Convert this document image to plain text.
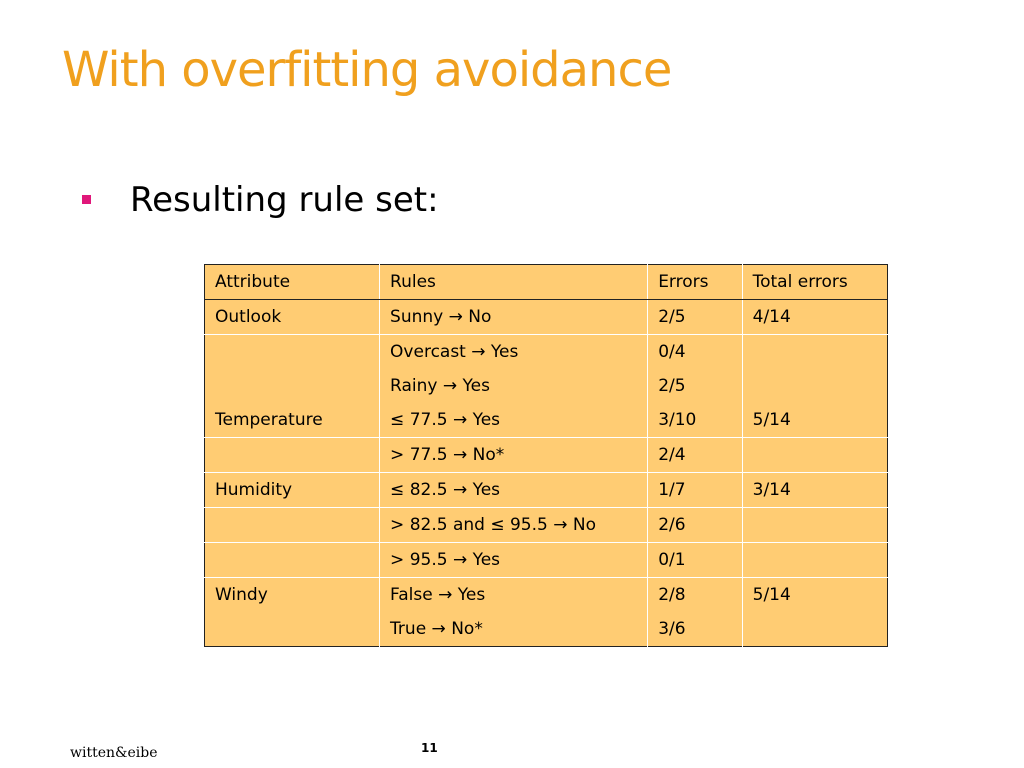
With overfitting avoidance
Resulting rule set:
Attribute	Rules	Errors	Total errors
Outlook	Sunny → No	2/5	4/14
	Overcast → Yes	0/4	
	Rainy → Yes	2/5	
Temperature	≤ 77.5 → Yes	3/10	5/14
	> 77.5 → No*	2/4	
Humidity	≤ 82.5 → Yes	1/7	3/14
	> 82.5 and ≤ 95.5 → No	2/6	
	> 95.5 → Yes	0/1	
Windy	False → Yes	2/8	5/14
	True → No*	3/6	
witten&eibe	11
